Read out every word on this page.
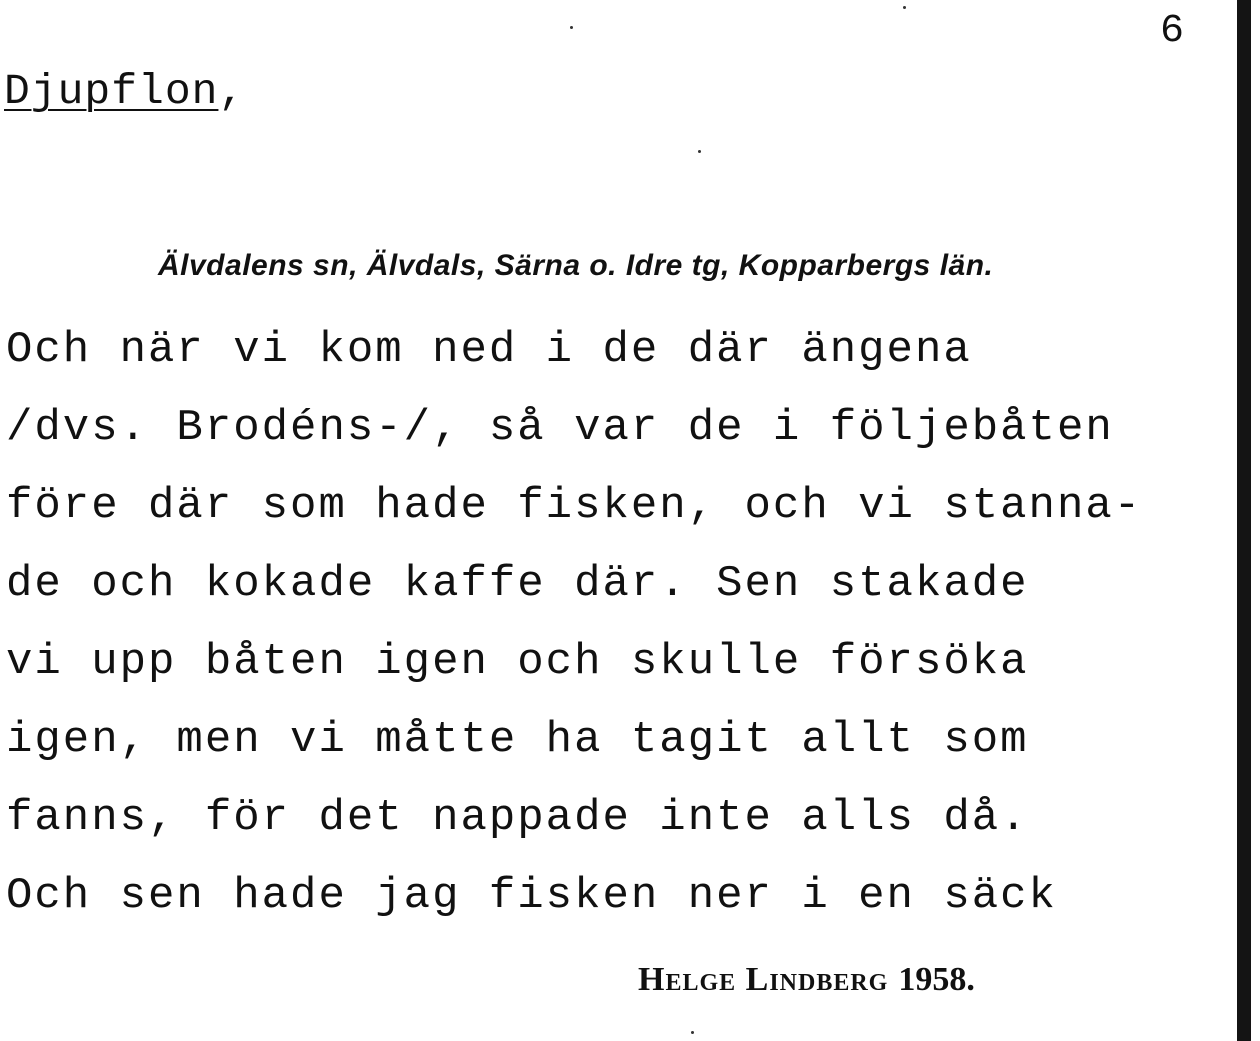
6
Djupflon,
Älvdalens sn, Älvdals, Särna o. Idre tg, Kopparbergs län.
Och när vi kom ned i de där ängena
/dvs. Brodéns-/, så var de i följebåten
före där som hade fisken, och vi stanna-
de och kokade kaffe där. Sen stakade
vi upp båten igen och skulle försöka
igen, men vi måtte ha tagit allt som
fanns, för det nappade inte alls då.
Och sen hade jag fisken ner i en säck
Helge Lindberg 1958.
